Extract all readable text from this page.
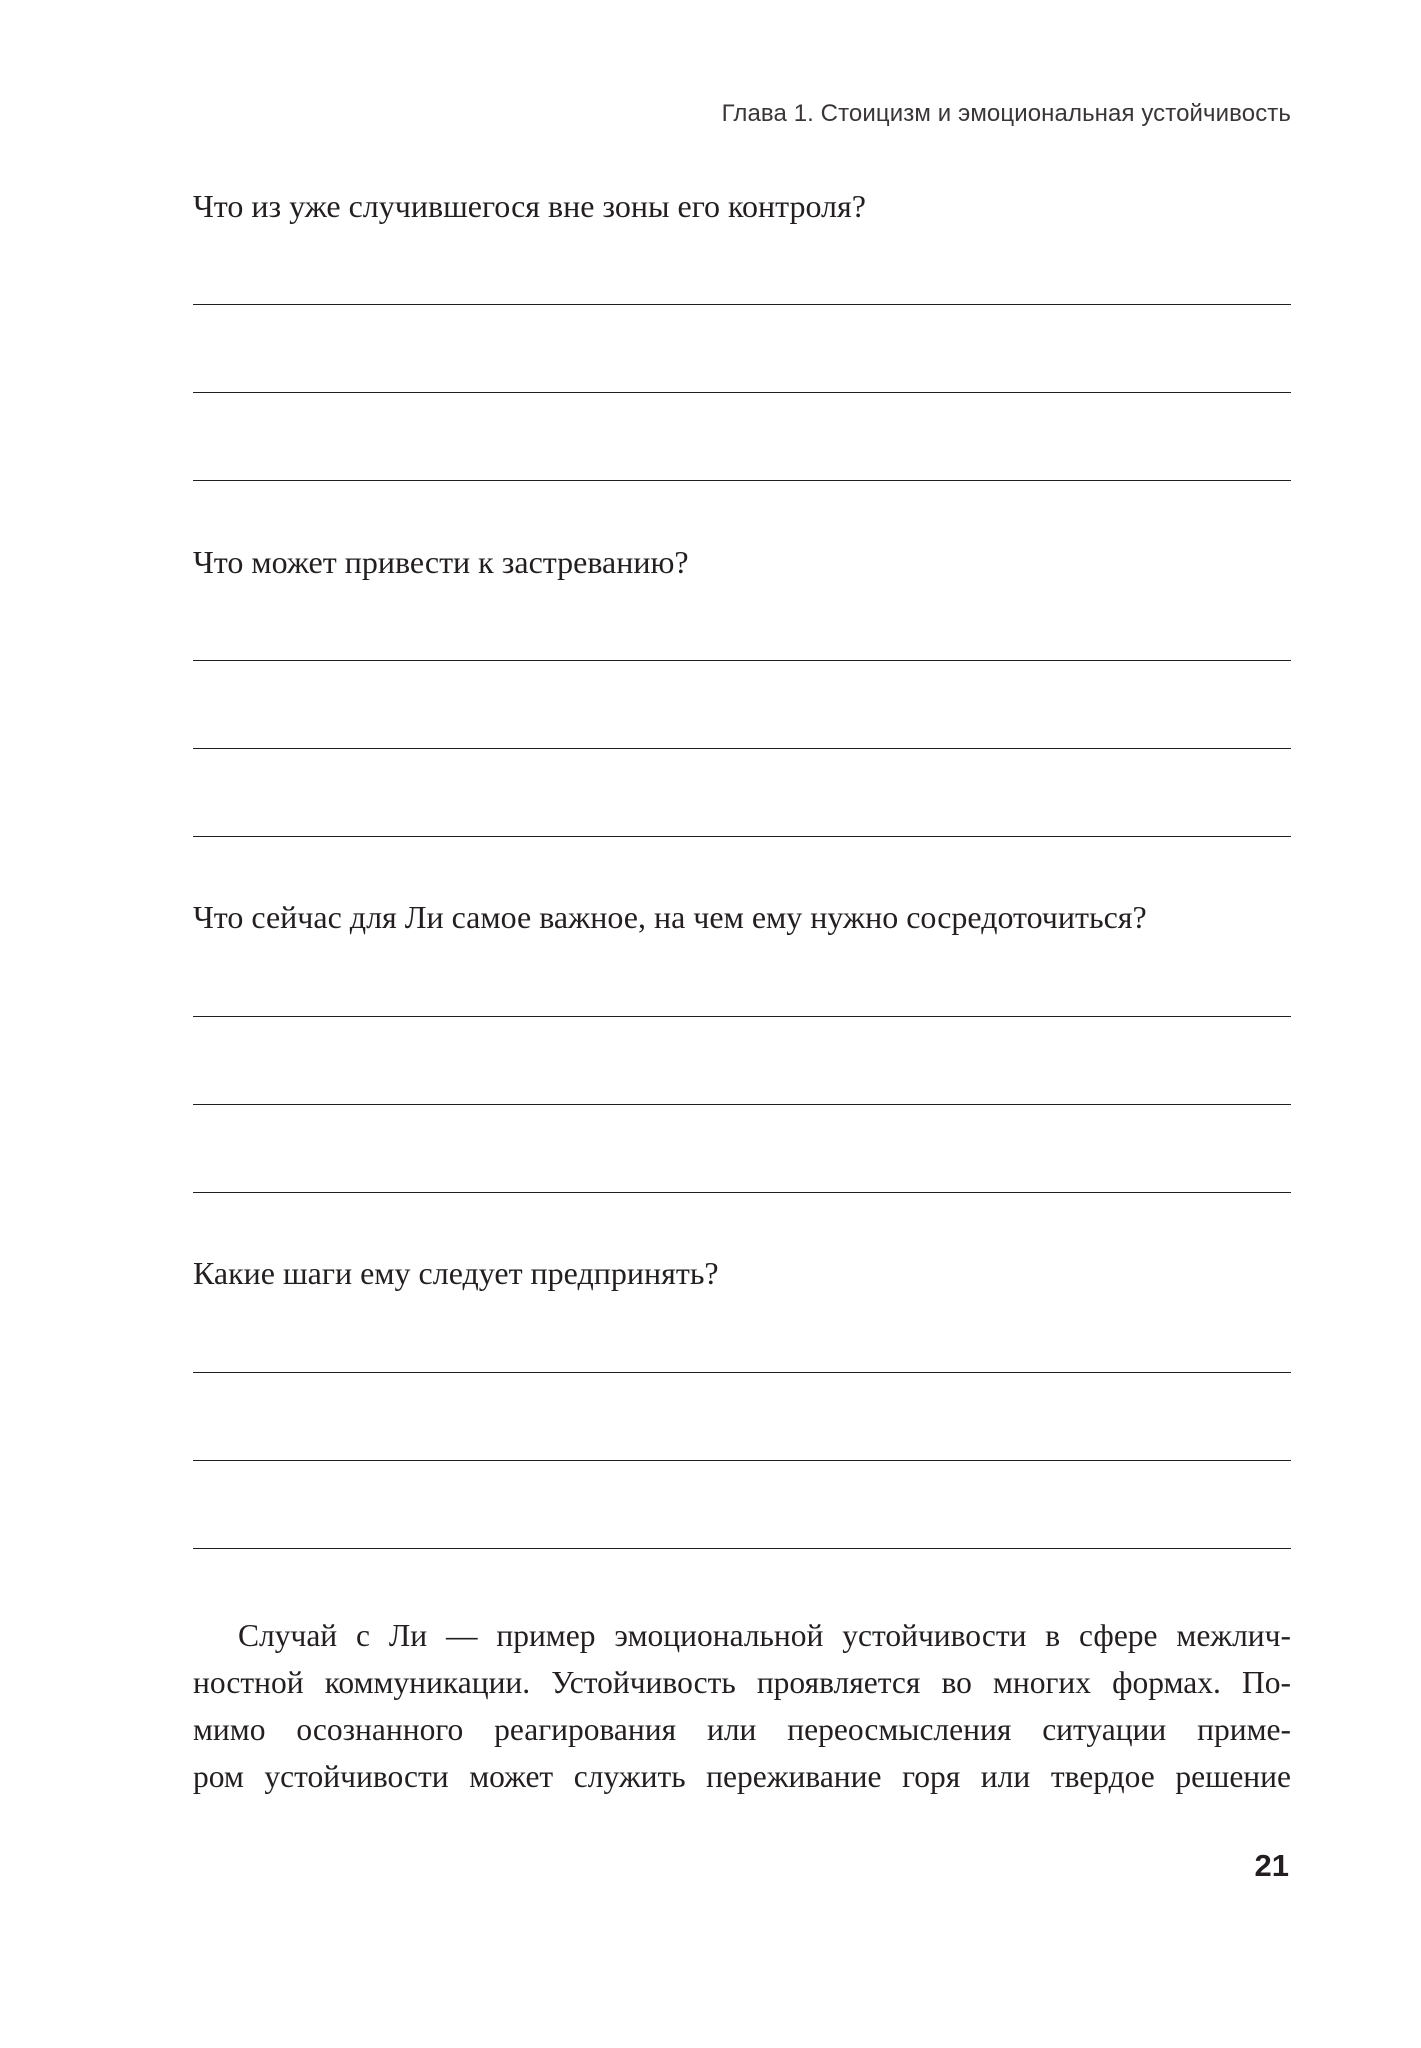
Глава 1. Стоицизм и эмоциональная устойчивость
Что из уже случившегося вне зоны его контроля?
Что может привести к застреванию?
Что сейчас для Ли самое важное, на чем ему нужно сосредоточиться?
Какие шаги ему следует предпринять?
Случай с Ли — пример эмоциональной устойчивости в сфере межлич-
ностной коммуникации. Устойчивость проявляется во многих формах. По-
мимо осознанного реагирования или переосмысления ситуации приме-
ром устойчивости может служить переживание горя или твердое решение
21
